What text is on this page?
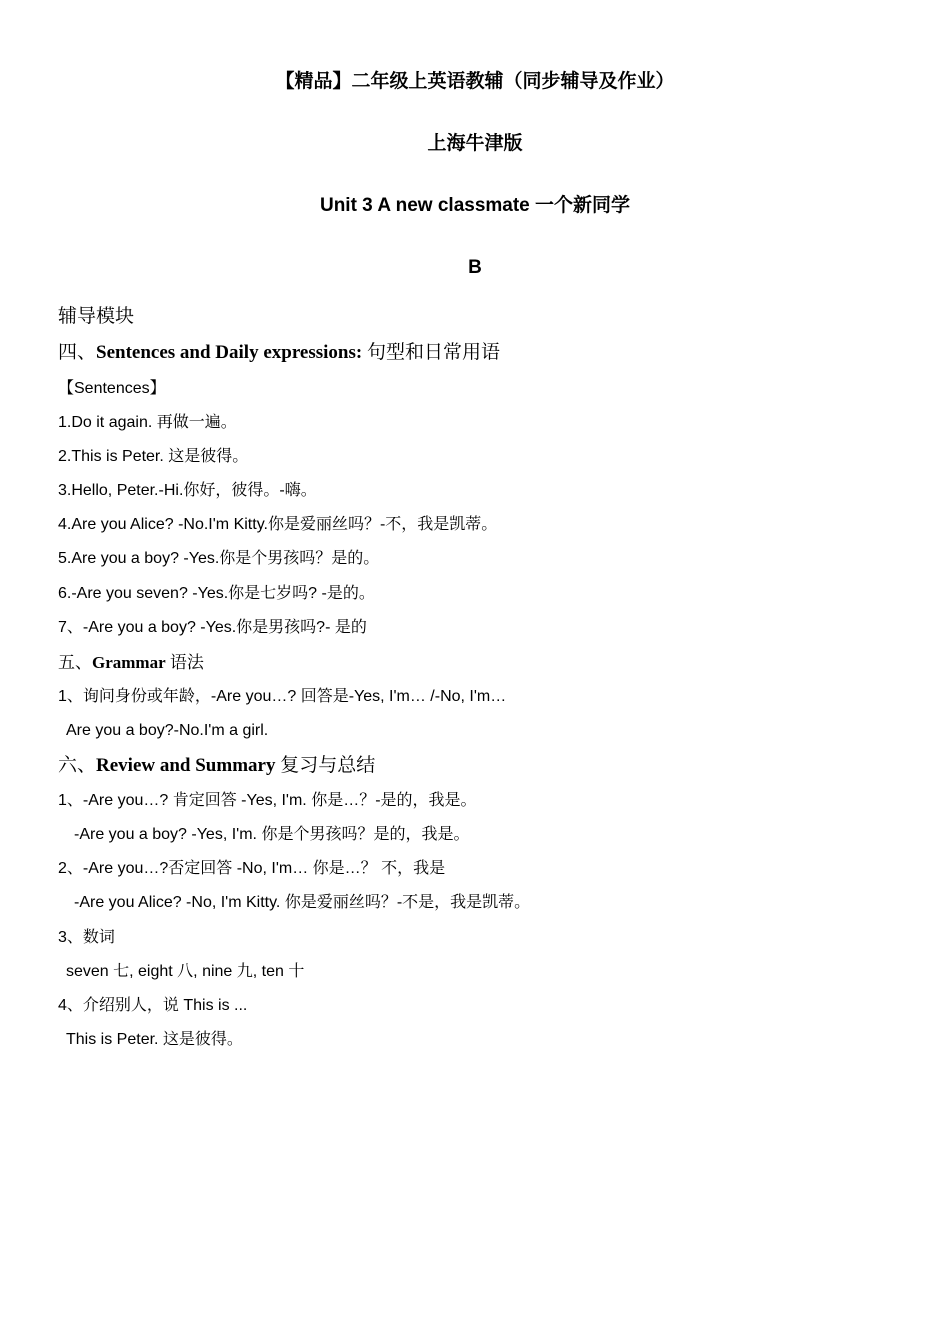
【精品】二年级上英语教辅（同步辅导及作业）
上海牛津版
Unit 3 A new classmate 一个新同学
B
辅导模块
四、Sentences and Daily expressions: 句型和日常用语
【Sentences】
1.Do it again. 再做一遍。
2.This is Peter. 这是彼得。
3.Hello, Peter.-Hi.你好，彼得。-嗨。
4.Are you Alice? -No.I'm Kitty.你是爱丽丝吗？-不，我是凯蒂。
5.Are you a boy? -Yes.你是个男孩吗？是的。
6.-Are you seven? -Yes.你是七岁吗? -是的。
7、-Are you a boy? -Yes.你是男孩吗?- 是的
五、Grammar 语法
1、询问身份或年龄，-Are you…? 回答是-Yes, I'm… /-No, I'm…
Are you a boy?-No.I'm a girl.
六、Review and Summary 复习与总结
1、-Are you…? 肯定回答 -Yes, I'm. 你是…？-是的，我是。
-Are you a boy? -Yes, I'm. 你是个男孩吗？是的，我是。
2、-Are you…?否定回答 -No, I'm… 你是…？ 不，我是
-Are you Alice? -No, I'm Kitty. 你是爱丽丝吗？-不是，我是凯蒂。
3、数词
seven 七, eight 八, nine 九, ten 十
4、介绍别人，说 This is ...
This is Peter. 这是彼得。
